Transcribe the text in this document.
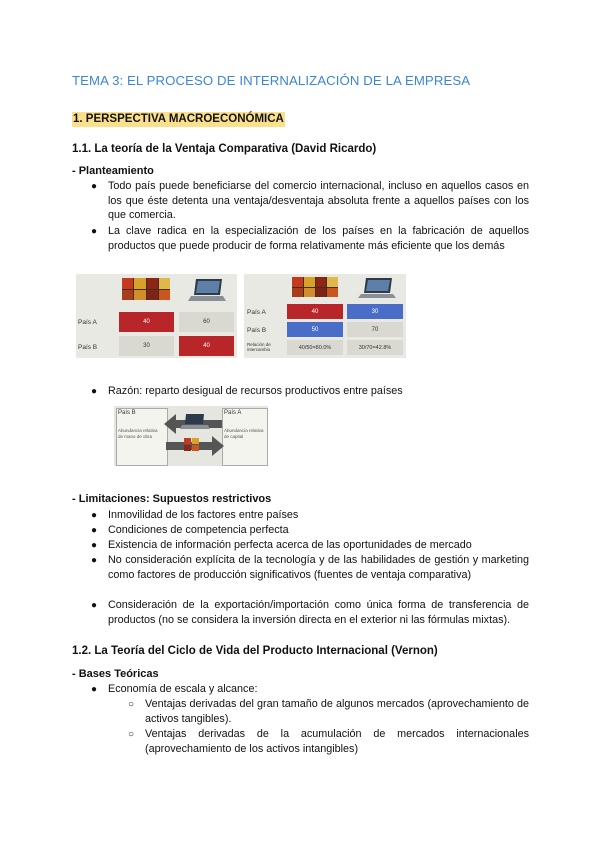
TEMA 3: EL PROCESO DE INTERNALIZACIÓN DE LA EMPRESA
1. PERSPECTIVA MACROECONÓMICA
1.1. La teoría de la Ventaja Comparativa (David Ricardo)
- Planteamiento
● Todo país puede beneficiarse del comercio internacional, incluso en aquellos casos en los que éste detenta una ventaja/desventaja absoluta frente a aquellos países con los que comercia.
● La clave radica en la especialización de los países en la fabricación de aquellos productos que puede producir de forma relativamente más eficiente que los demás
País A	40	60
País B	30	40
País A	40	30
País B	50	70
Relación de intercambio	40/50=80.0%	30/70=42.8%
● Razón: reparto desigual de recursos productivos entre países
País B
Abundancia relativa de mano de obra
País A
Abundancia relativa de capital
- Limitaciones: Supuestos restrictivos
● Inmovilidad de los factores entre países
● Condiciones de competencia perfecta
● Existencia de información perfecta acerca de las oportunidades de mercado
● No consideración explícita de la tecnología y de las habilidades de gestión y marketing como factores de producción significativos (fuentes de ventaja comparativa)
● Consideración de la exportación/importación como única forma de transferencia de productos (no se considera la inversión directa en el exterior ni las fórmulas mixtas).
1.2. La Teoría del Ciclo de Vida del Producto Internacional (Vernon)
- Bases Teóricas
● Economía de escala y alcance:
○ Ventajas derivadas del gran tamaño de algunos mercados (aprovechamiento de activos tangibles).
○ Ventajas derivadas de la acumulación de mercados internacionales (aprovechamiento de los activos intangibles)
